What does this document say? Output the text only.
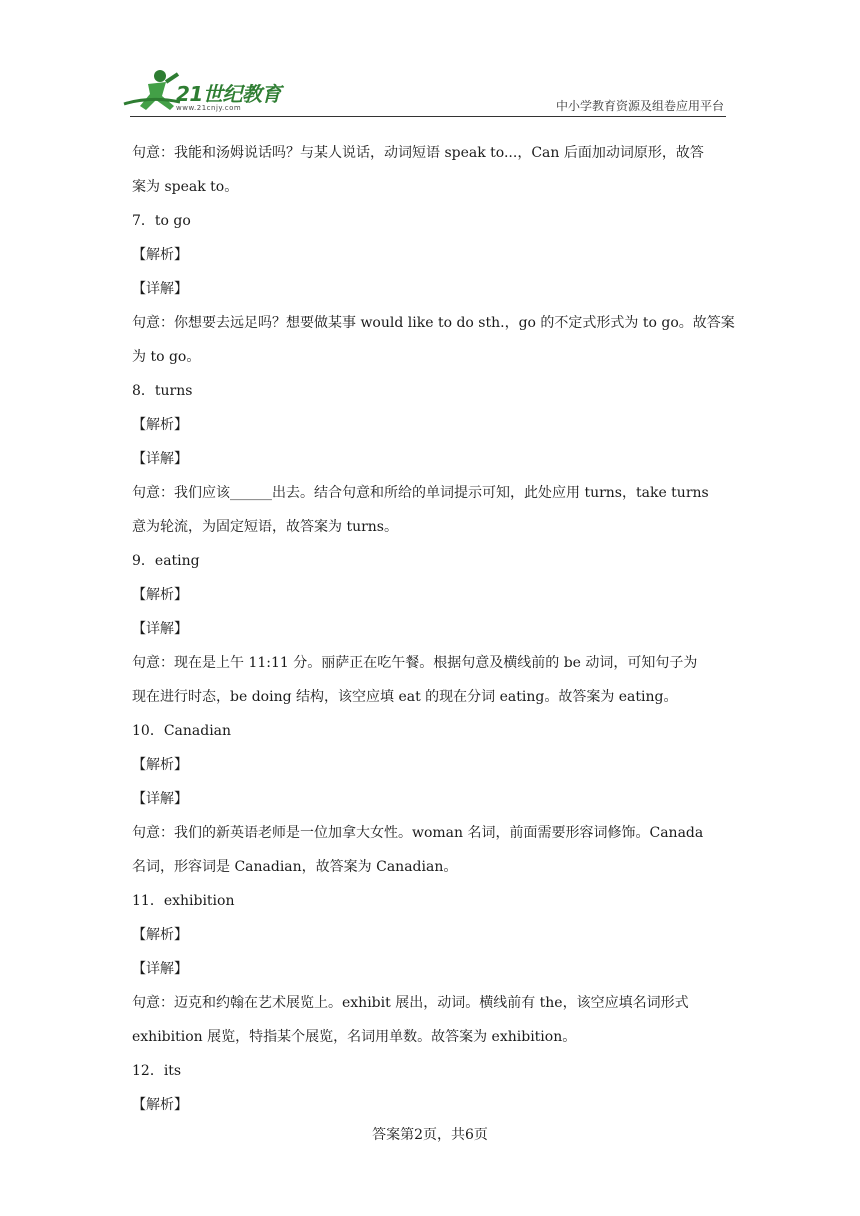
21世纪教育
www.21cnjy.com	中小学教育资源及组卷应用平台
句意：我能和汤姆说话吗？与某人说话，动词短语 speak to...，Can 后面加动词原形，故答
案为 speak to。
7．to go
【解析】
【详解】
句意：你想要去远足吗？想要做某事 would like to do sth.，go 的不定式形式为 to go。故答案
为 to go。
8．turns
【解析】
【详解】
句意：我们应该______出去。结合句意和所给的单词提示可知，此处应用 turns，take turns
意为轮流，为固定短语，故答案为 turns。
9．eating
【解析】
【详解】
句意：现在是上午 11:11 分。丽萨正在吃午餐。根据句意及横线前的 be 动词，可知句子为
现在进行时态，be doing 结构，该空应填 eat 的现在分词 eating。故答案为 eating。
10．Canadian
【解析】
【详解】
句意：我们的新英语老师是一位加拿大女性。woman 名词，前面需要形容词修饰。Canada
名词，形容词是 Canadian，故答案为 Canadian。
11．exhibition
【解析】
【详解】
句意：迈克和约翰在艺术展览上。exhibit 展出，动词。横线前有 the，该空应填名词形式
exhibition 展览，特指某个展览，名词用单数。故答案为 exhibition。
12．its
【解析】
答案第2页，共6页
